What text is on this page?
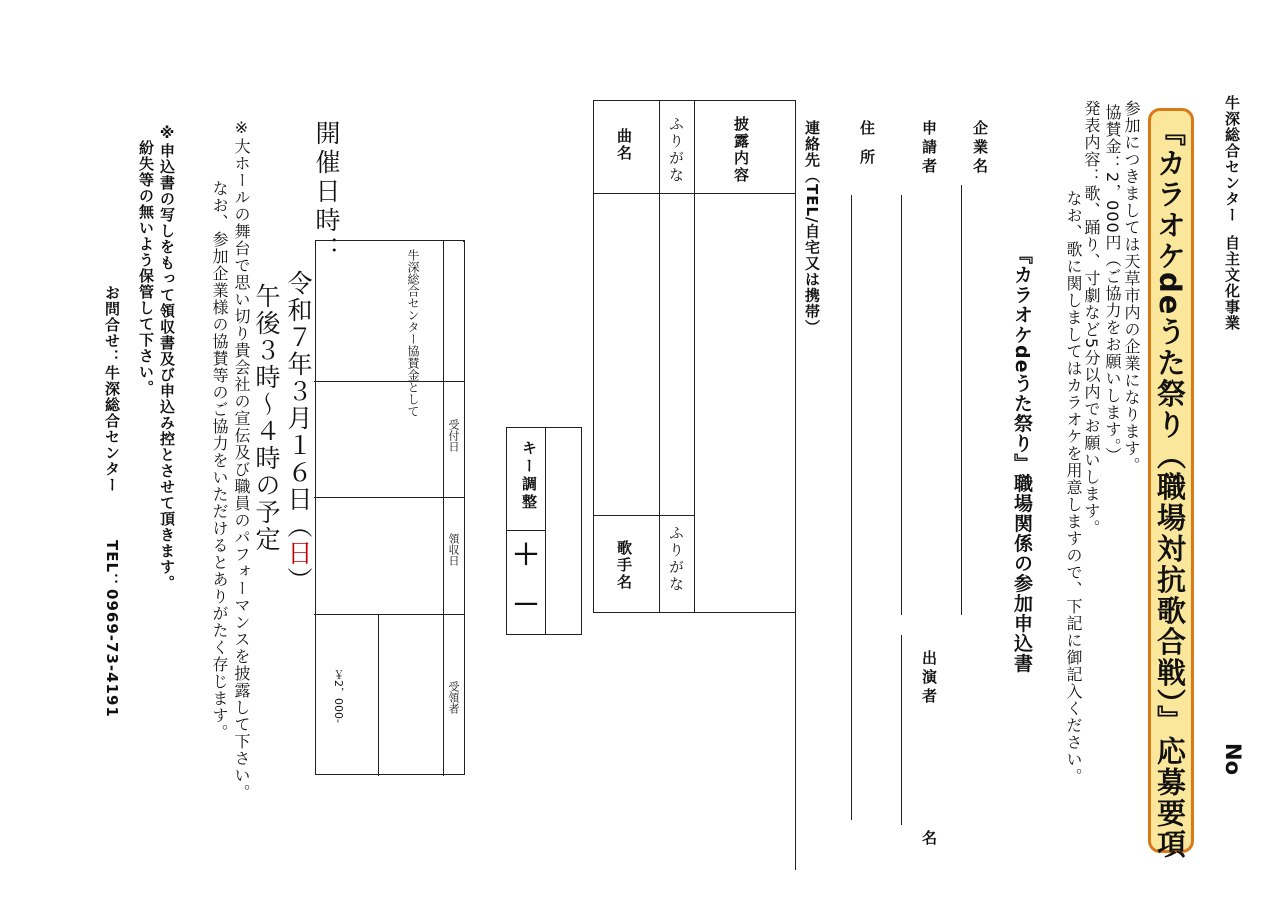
牛深総合センター自主文化事業
No
『カラオケdeうた祭り（職場対抗歌合戦）』応募要項
参加につきましては天草市内の企業になります。
協賛金：2，000円（ご協力をお願いします。）
発表内容：歌、踊り、寸劇など5分以内でお願いします。
なお、歌に関しましてはカラオケを用意しますので、下記に御記入ください。
『カラオケdeうた祭り』職場関係の参加申込書
企業名
申請者
出演者
名
住所
連絡先（TEL/自宅又は携帯）
披露内容
ふりがな
曲名
ふりがな
歌手名
キー調整
＋
－
開催日時：
令和７年３月１６日（日）
午後３時～４時の予定	牛深総合センター協賛金として
受付日
領収日
受領者
￥2，000-
※大ホールの舞台で思い切り貴会社の宣伝及び職員のパフォーマンスを披露して下さい。
なお、参加企業様の協賛等のご協力をいただけるとありがたく存じます。
※申込書の写しをもって領収書及び申込み控とさせて頂きます。
紛失等の無いよう保管して下さい。
お問合せ：牛深総合センター
TEL：0969-73-4191
